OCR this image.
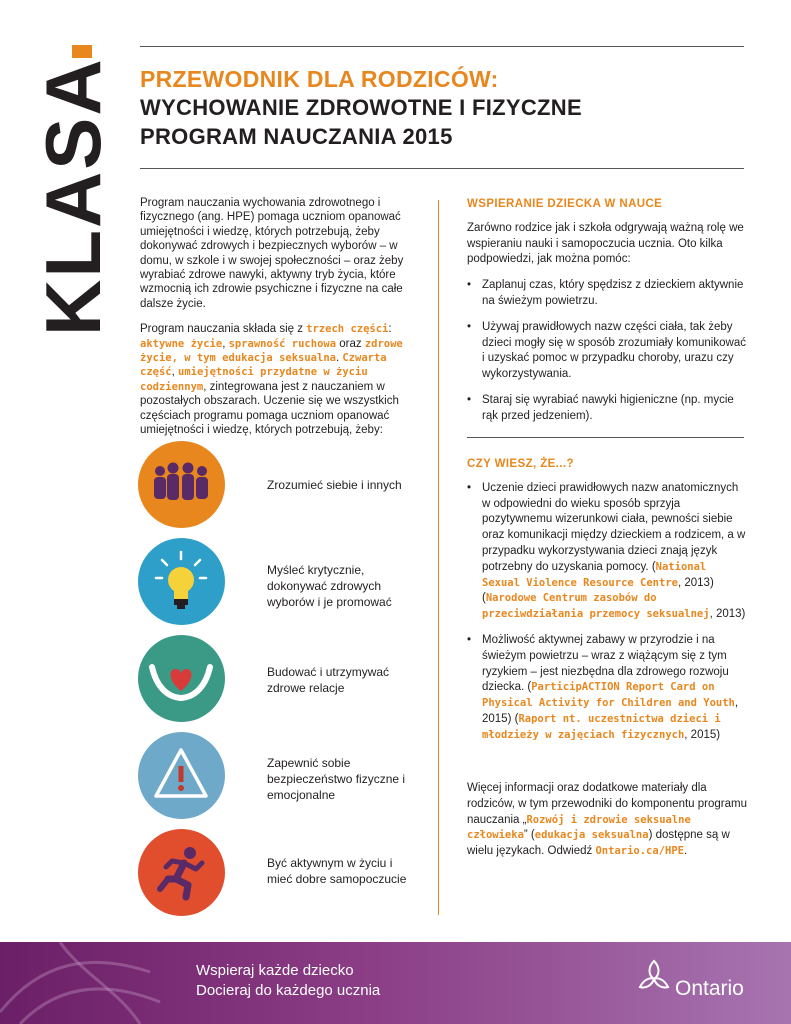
KLASA PRZEWODNIK DLA RODZICÓW:
WYCHOWANIE ZDROWOTNE I FIZYCZNE
PROGRAM NAUCZANIA 2015

Program nauczania wychowania zdrowotnego i fizycznego (ang. HPE) pomaga uczniom opanować umiejętności i wiedzę, których potrzebują, żeby dokonywać zdrowych i bezpiecznych wyborów – w domu, w szkole i w swojej społeczności – oraz żeby wyrabiać zdrowe nawyki, aktywny tryb życia, które wzmocnią ich zdrowie psychiczne i fizyczne na całe dalsze życie.

Program nauczania składa się z trzech części: aktywne życie, sprawność ruchowa oraz zdrowe życie, w tym edukacja seksualna. Czwarta część, umiejętności przydatne w życiu codziennym, zintegrowana jest z nauczaniem w pozostałych obszarach. Uczenie się we wszystkich częściach programu pomaga uczniom opanować umiejętności i wiedzę, których potrzebują, żeby:

Zrozumieć siebie i innych
Myśleć krytycznie, dokonywać zdrowych wyborów i je promować
Budować i utrzymywać zdrowe relacje
Zapewnić sobie bezpieczeństwo fizyczne i emocjonalne
Być aktywnym w życiu i mieć dobre samopoczucie
WSPIERANIE DZIECKA W NAUCE
Zarówno rodzice jak i szkoła odgrywają ważną rolę we wspieraniu nauki i samopoczucia ucznia. Oto kilka podpowiedzi, jak można pomóc:
• Zaplanuj czas, który spędzisz z dzieckiem aktywnie na świeżym powietrzu.
• Używaj prawidłowych nazw części ciała, tak żeby dzieci mogły się w sposób zrozumiały komunikować i uzyskać pomoc w przypadku choroby, urazu czy wykorzystywania.
• Staraj się wyrabiać nawyki higieniczne (np. mycie rąk przed jedzeniem).
CZY WIESZ, ŻE...?
• Uczenie dzieci prawidłowych nazw anatomicznych w odpowiedni do wieku sposób sprzyja pozytywnemu wizerunkowi ciała, pewności siebie oraz komunikacji między dzieckiem a rodzicem, a w przypadku wykorzystywania dzieci znają język potrzebny do uzyskania pomocy. (National Sexual Violence Resource Centre, 2013) (Narodowe Centrum zasobów do przeciwdziałania przemocy seksualnej, 2013)
• Możliwość aktywnej zabawy w przyrodzie i na świeżym powietrzu – wraz z wiążącym się z tym ryzykiem – jest niezbędna dla zdrowego rozwoju dziecka. (ParticipACTION Report Card on Physical Activity for Children and Youth, 2015) (Raport nt. uczestnictwa dzieci i młodzieży w zajęciach fizycznych, 2015)
Więcej informacji oraz dodatkowe materiały dla rodziców, w tym przewodniki do komponentu programu nauczania „Rozwój i zdrowie seksualne człowieka” (edukacja seksualna) dostępne są w wielu językach. Odwiedź Ontario.ca/HPE.
Wspieraj każde dziecko
Docieraj do każdego ucznia	Ontario
